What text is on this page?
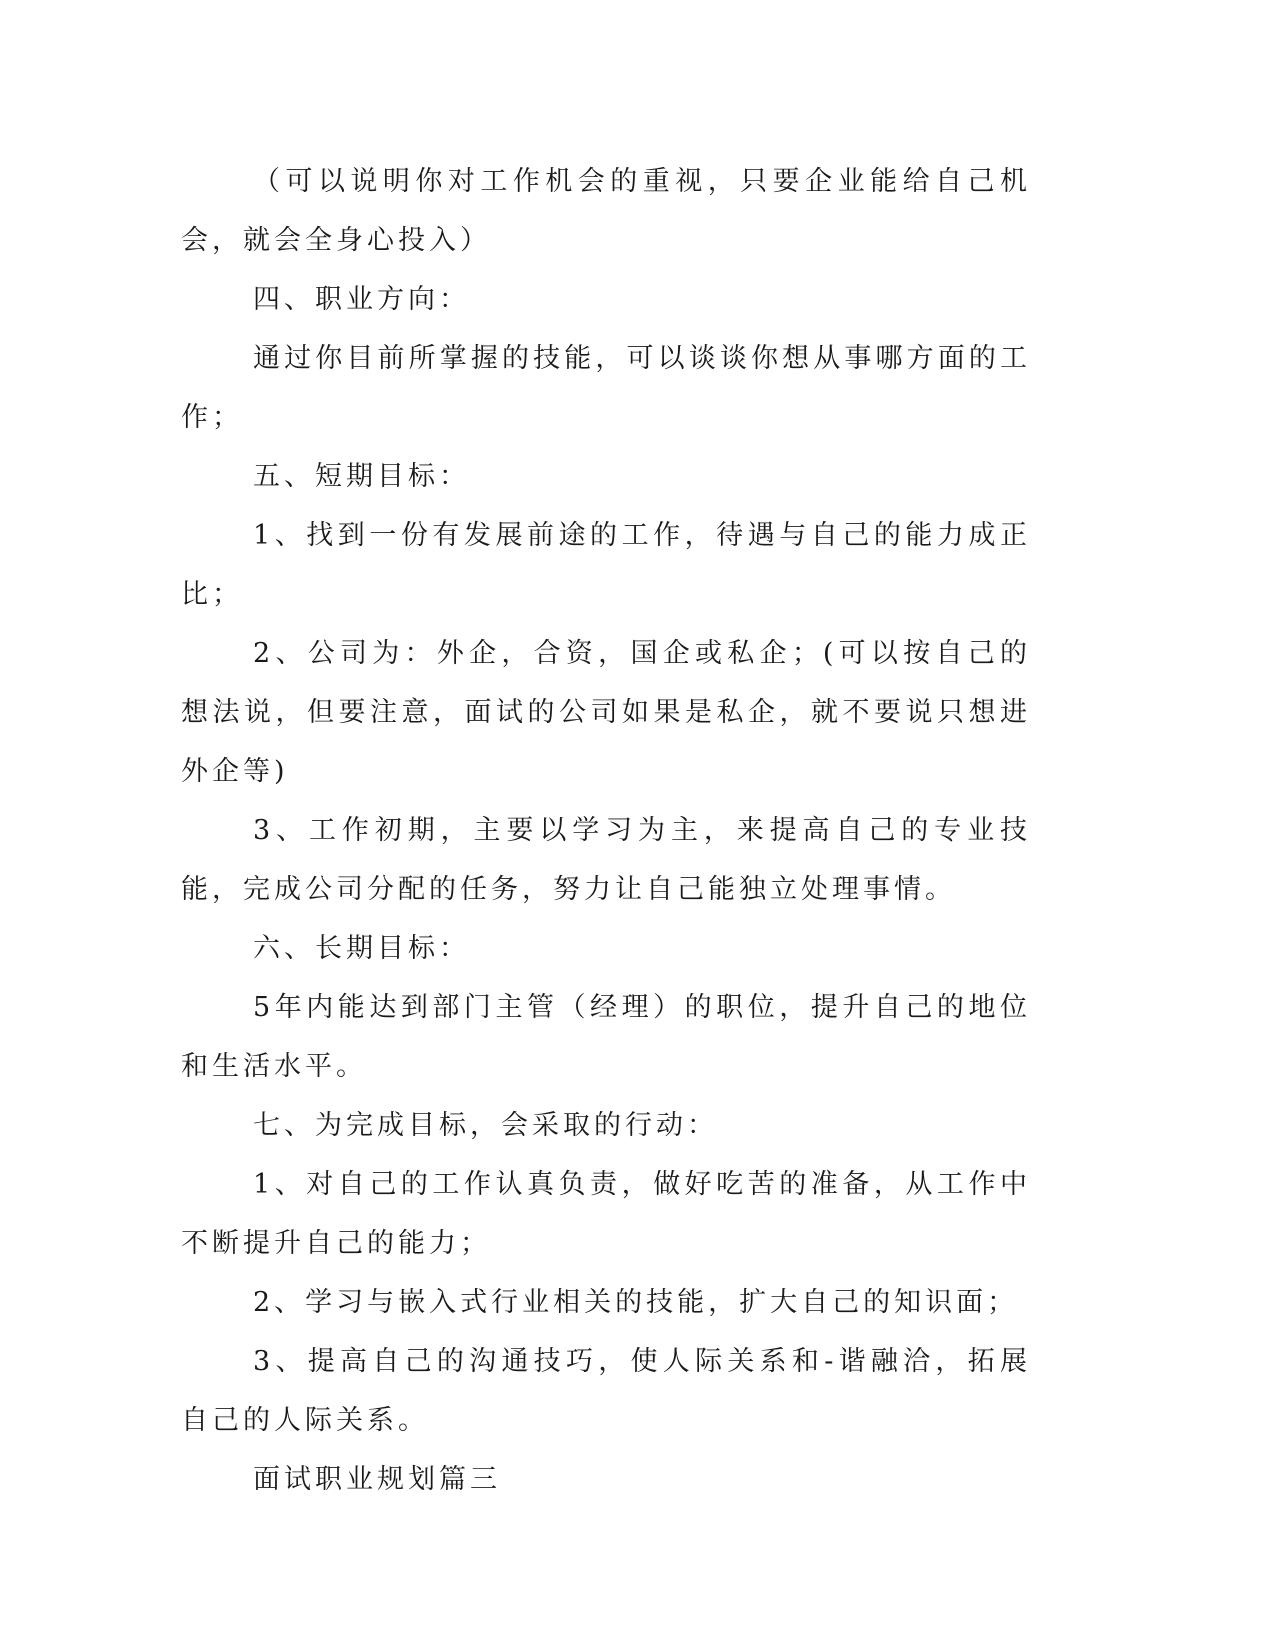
（可以说明你对工作机会的重视，只要企业能给自己机会，就会全身心投入）

四、职业方向：

通过你目前所掌握的技能，可以谈谈你想从事哪方面的工作；

五、短期目标：

1、找到一份有发展前途的工作，待遇与自己的能力成正比；

2、公司为：外企，合资，国企或私企；(可以按自己的想法说，但要注意，面试的公司如果是私企，就不要说只想进外企等)

3、工作初期，主要以学习为主，来提高自己的专业技能，完成公司分配的任务，努力让自己能独立处理事情。

六、长期目标：

5年内能达到部门主管（经理）的职位，提升自己的地位和生活水平。

七、为完成目标，会采取的行动：

1、对自己的工作认真负责，做好吃苦的准备，从工作中不断提升自己的能力；

2、学习与嵌入式行业相关的技能，扩大自己的知识面；

3、提高自己的沟通技巧，使人际关系和-谐融洽，拓展自己的人际关系。

面试职业规划篇三
